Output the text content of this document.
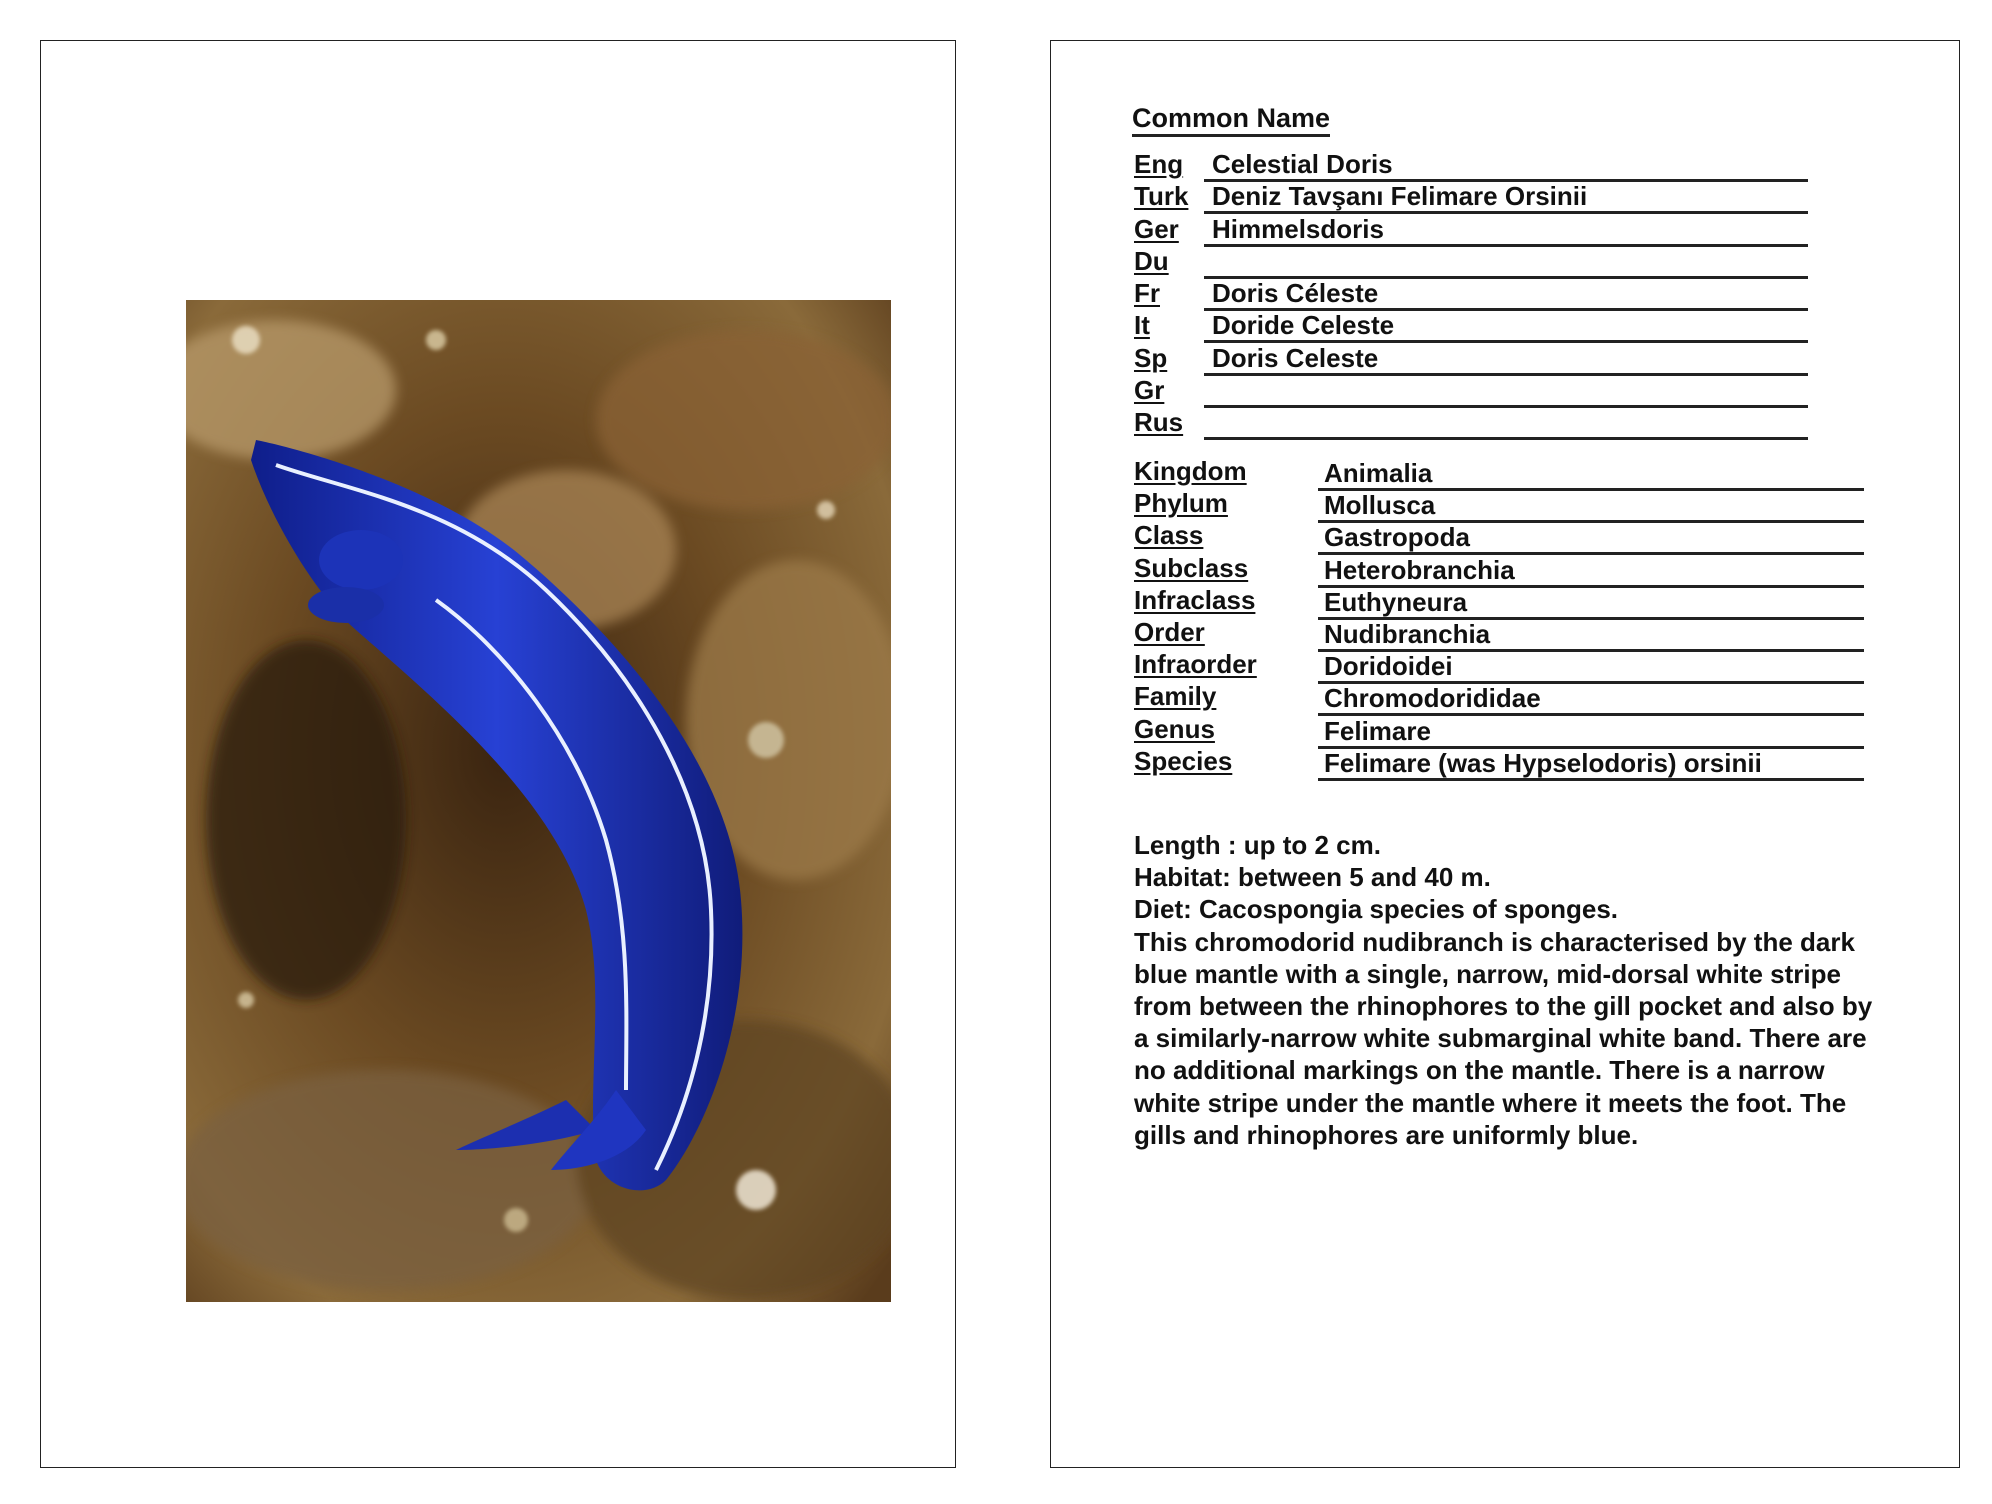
Common Name
Eng	Celestial Doris
Turk Deniz Tavşanı Felimare Orsinii
Ger	Himmelsdoris
Du
Fr	Doris Céleste
It	Doride Celeste
Sp	Doris Celeste
Gr
Rus
Kingdom	Animalia
Phylum	Mollusca
Class	Gastropoda
Subclass	Heterobranchia
Infraclass	Euthyneura
Order	Nudibranchia
Infraorder	Doridoidei
Family	Chromodorididae
Genus	Felimare
Species	Felimare (was Hypselodoris) orsinii

Length : up to 2 cm.

Habitat: between 5 and 40 m.

Diet: Cacospongia species of sponges.

This chromodorid nudibranch is characterised by the dark blue mantle with a single, narrow, mid-dorsal white stripe from between the rhinophores to the gill pocket and also by a similarly-narrow white submarginal white band. There are no additional markings on the mantle. There is a narrow white stripe under the mantle where it meets the foot. The gills and rhinophores are uniformly blue.
